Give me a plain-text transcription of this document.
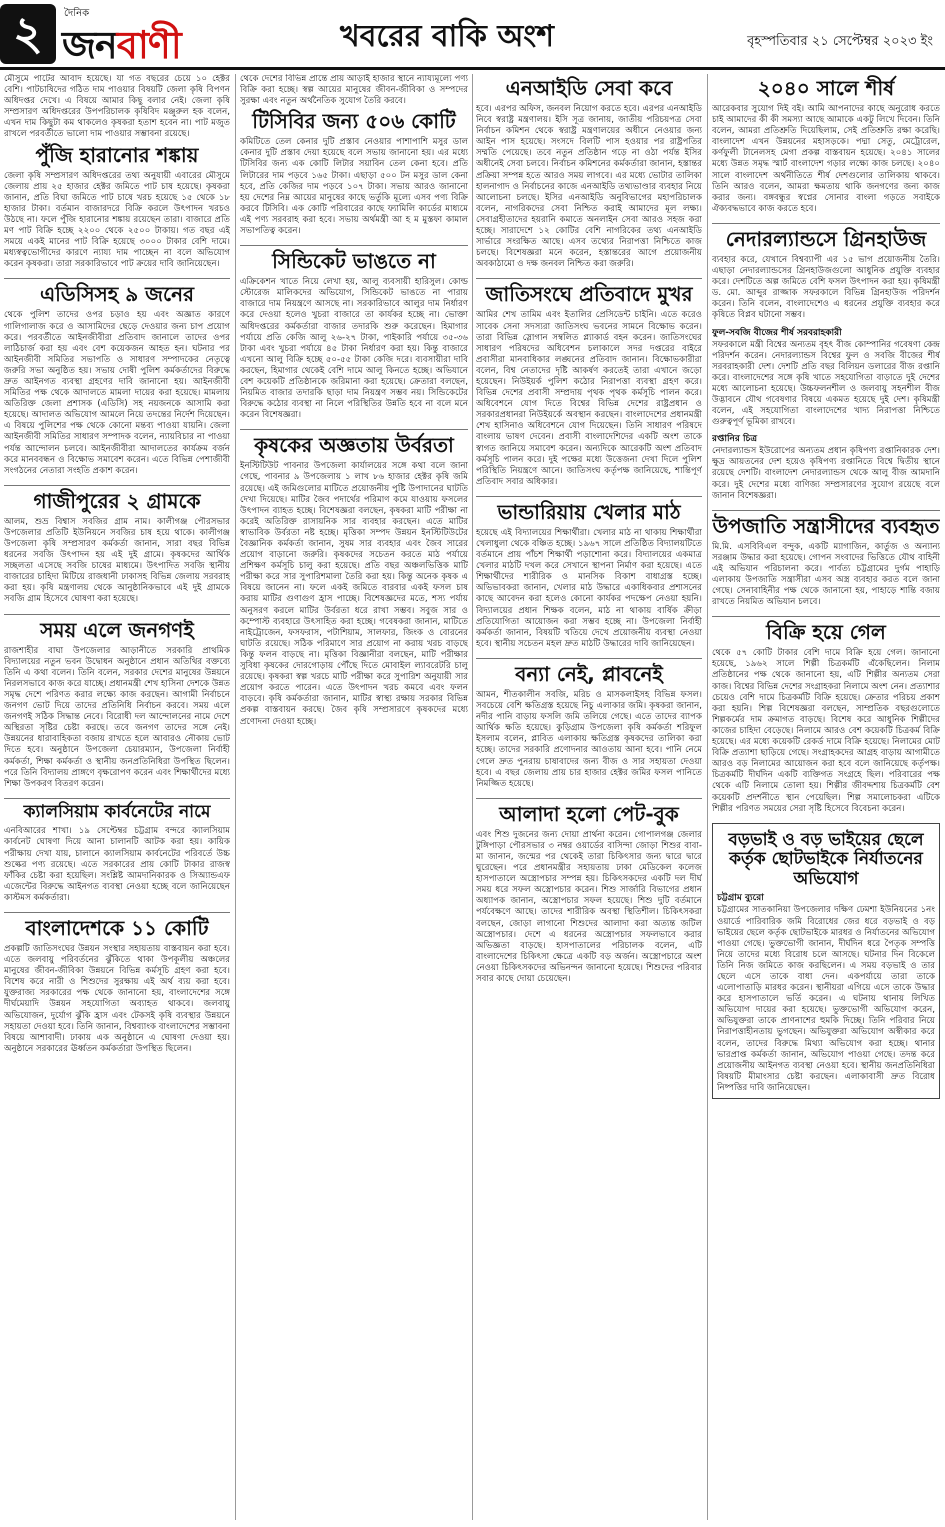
২	দৈনিক
জনবাণী	খবরের বাকি অংশ	বৃহস্পতিবার ২১ সেপ্টেম্বর ২০২৩ ইং

মৌসুমে পাটের আবাদ হয়েছে। যা গত বছরের চেয়ে ১০ হেক্টর বেশি। পাটচাষিদের গঠিত দাম পাওয়ার বিষয়টি জেলা কৃষি বিপণন অধিদপ্তর দেখে। এ বিষয়ে আমার কিছু বলার নেই। জেলা কৃষি সম্প্রসারণ অধিদপ্তরের উপপরিচালক কৃষিবিদ মঞ্জুরুল হক বলেন, এখন দাম কিছুটা কম থাকলেও কৃষকরা হতাশ হবেন না। পাট মজুত রাখলে পরবর্তীতে ভালো দাম পাওয়ার সম্ভাবনা রয়েছে।

পুঁজি হারানোর শঙ্কায়

জেলা কৃষি সম্প্রসারণ অধিদপ্তরের তথ্য অনুযায়ী এবারের মৌসুমে জেলায় প্রায় ২৫ হাজার হেক্টর জমিতে পাট চাষ হয়েছে। কৃষকরা জানান, প্রতি বিঘা জমিতে পাট চাষে খরচ হয়েছে ১৫ থেকে ১৮ হাজার টাকা। বর্তমান বাজারদরে বিক্রি করলে উৎপাদন খরচও উঠছে না। ফলে পুঁজি হারানোর শঙ্কায় রয়েছেন তারা। বাজারে প্রতি মণ পাট বিক্রি হচ্ছে ২২০০ থেকে ২৫০০ টাকায়। গত বছর এই সময়ে একই মানের পাট বিক্রি হয়েছে ৩০০০ টাকার বেশি দামে। মধ্যস্বত্বভোগীদের কারণে ন্যায্য দাম পাচ্ছেন না বলে অভিযোগ করেন কৃষকরা। তারা সরকারিভাবে পাট ক্রয়ের দাবি জানিয়েছেন।

এডিসিসহ ৯ জনের

থেকে পুলিশ তাদের ওপর চড়াও হয় এবং অজ্ঞাত কারণে গালিগালাজ করে ও আসামিদের ছেড়ে দেওয়ার জন্য চাপ প্রয়োগ করে। পরবর্তীতে আইনজীবীরা প্রতিবাদ জানালে তাদের ওপর লাঠিচার্জ করা হয় এবং বেশ কয়েকজন আহত হন। ঘটনার পর আইনজীবী সমিতির সভাপতি ও সাধারণ সম্পাদকের নেতৃত্বে জরুরি সভা অনুষ্ঠিত হয়। সভায় দোষী পুলিশ কর্মকর্তাদের বিরুদ্ধে দ্রুত আইনগত ব্যবস্থা গ্রহণের দাবি জানানো হয়। আইনজীবী সমিতির পক্ষ থেকে আদালতে মামলা দায়ের করা হয়েছে। মামলায় অতিরিক্ত জেলা প্রশাসক (এডিসি) সহ নয়জনকে আসামি করা হয়েছে। আদালত অভিযোগ আমলে নিয়ে তদন্তের নির্দেশ দিয়েছেন। এ বিষয়ে পুলিশের পক্ষ থেকে কোনো মন্তব্য পাওয়া যায়নি। জেলা আইনজীবী সমিতির সাধারণ সম্পাদক বলেন, ন্যায়বিচার না পাওয়া পর্যন্ত আন্দোলন চলবে। আইনজীবীরা আদালতের কার্যক্রম বর্জন করে মানববন্ধন ও বিক্ষোভ সমাবেশ করেন। এতে বিভিন্ন পেশাজীবী সংগঠনের নেতারা সংহতি প্রকাশ করেন।

গাজীপুরের ২ গ্রামকে

আলম, শুভ্র বিশ্বাস সবজির গ্রাম নাম। কালীগঞ্জ পৌরসভার উপজেলার প্রতিটি ইউনিয়নে সবজির চাষ হয়ে থাকে। কালীগঞ্জ উপজেলা কৃষি সম্প্রসারণ কর্মকর্তা জানান, সারা বছর বিভিন্ন ধরনের সবজি উৎপাদন হয় এই দুই গ্রামে। কৃষকদের আর্থিক সচ্ছলতা এসেছে সবজি চাষের মাধ্যমে। উৎপাদিত সবজি স্থানীয় বাজারের চাহিদা মিটিয়ে রাজধানী ঢাকাসহ বিভিন্ন জেলায় সরবরাহ করা হয়। কৃষি মন্ত্রণালয় থেকে আনুষ্ঠানিকভাবে এই দুই গ্রামকে সবজি গ্রাম হিসেবে ঘোষণা করা হয়েছে।

সময় এলে জনগণই

রাজশাহীর বাঘা উপজেলার আড়ানীতে সরকারি প্রাথমিক বিদ্যালয়ের নতুন ভবন উদ্বোধন অনুষ্ঠানে প্রধান অতিথির বক্তব্যে তিনি এ কথা বলেন। তিনি বলেন, সরকার দেশের মানুষের উন্নয়নে নিরলসভাবে কাজ করে যাচ্ছে। প্রধানমন্ত্রী শেখ হাসিনা দেশকে উন্নত সমৃদ্ধ দেশে পরিণত করার লক্ষ্যে কাজ করছেন। আগামী নির্বাচনে জনগণ ভোট দিয়ে তাদের প্রতিনিধি নির্বাচন করবে। সময় এলে জনগণই সঠিক সিদ্ধান্ত নেবে। বিরোধী দল আন্দোলনের নামে দেশে অস্থিরতা সৃষ্টির চেষ্টা করছে। তবে জনগণ তাদের সঙ্গে নেই। উন্নয়নের ধারাবাহিকতা বজায় রাখতে হলে আবারও নৌকায় ভোট দিতে হবে। অনুষ্ঠানে উপজেলা চেয়ারম্যান, উপজেলা নির্বাহী কর্মকর্তা, শিক্ষা কর্মকর্তা ও স্থানীয় জনপ্রতিনিধিরা উপস্থিত ছিলেন। পরে তিনি বিদ্যালয় প্রাঙ্গণে বৃক্ষরোপণ করেন এবং শিক্ষার্থীদের মধ্যে শিক্ষা উপকরণ বিতরণ করেন।

ক্যালসিয়াম কার্বনেটের নামে

এনবিআরের শাখা। ১৯ সেপ্টেম্বর চট্টগ্রাম বন্দরে ক্যালসিয়াম কার্বনেট ঘোষণা দিয়ে আনা চালানটি আটক করা হয়। কায়িক পরীক্ষায় দেখা যায়, চালানে ক্যালসিয়াম কার্বনেটের পরিবর্তে উচ্চ শুল্কের পণ্য রয়েছে। এতে সরকারের প্রায় কোটি টাকার রাজস্ব ফাঁকির চেষ্টা করা হয়েছিল। সংশ্লিষ্ট আমদানিকারক ও সিঅ্যান্ডএফ এজেন্টের বিরুদ্ধে আইনগত ব্যবস্থা নেওয়া হচ্ছে বলে জানিয়েছেন কাস্টমস কর্মকর্তারা।

বাংলাদেশকে ১১ কোটি

প্রকল্পটি জাতিসংঘের উন্নয়ন সংস্থার সহায়তায় বাস্তবায়ন করা হবে। এতে জলবায়ু পরিবর্তনের ঝুঁকিতে থাকা উপকূলীয় অঞ্চলের মানুষের জীবন-জীবিকা উন্নয়নে বিভিন্ন কর্মসূচি গ্রহণ করা হবে। বিশেষ করে নারী ও শিশুদের সুরক্ষায় এই অর্থ ব্যয় করা হবে। যুক্তরাজ্য সরকারের পক্ষ থেকে জানানো হয়, বাংলাদেশের সঙ্গে দীর্ঘমেয়াদি উন্নয়ন সহযোগিতা অব্যাহত থাকবে। জলবায়ু অভিযোজন, দুর্যোগ ঝুঁকি হ্রাস এবং টেকসই কৃষি ব্যবস্থার উন্নয়নে সহায়তা দেওয়া হবে। তিনি জানান, বিশ্বব্যাংক বাংলাদেশের সম্ভাবনা বিষয়ে আশাবাদী। ঢাকায় এক অনুষ্ঠানে এ ঘোষণা দেওয়া হয়। অনুষ্ঠানে সরকারের ঊর্ধ্বতন কর্মকর্তারা উপস্থিত ছিলেন।

থেকে দেশের বিভিন্ন প্রান্তে প্রায় আড়াই হাজার স্থানে ন্যায্যমূল্যে পণ্য বিক্রি করা হচ্ছে। স্বল্প আয়ের মানুষের জীবন-জীবিকা ও সম্পদের সুরক্ষা এবং নতুন অর্থনৈতিক সুযোগ তৈরি করবে।

টিসিবির জন্য ৫০৬ কোটি

কমিটিতে তেল কেনার দুটি প্রস্তাব নেওয়ার পাশাপাশি মসুর ডাল কেনার দুটি প্রস্তাব দেয়া হয়েছে বলে সভায় জানানো হয়। এর মধ্যে টিসিবির জন্য এক কোটি লিটার সয়াবিন তেল কেনা হবে। প্রতি লিটারের দাম পড়বে ১৬৫ টাকা। এছাড়া ৫০০ টন মসুর ডাল কেনা হবে, প্রতি কেজির দাম পড়বে ১০৭ টাকা। সভায় আরও জানানো হয় দেশের নিম্ন আয়ের মানুষের কাছে ভর্তুকি মূল্যে এসব পণ্য বিক্রি করবে টিসিবি। এক কোটি পরিবারের কাছে ফ্যামিলি কার্ডের মাধ্যমে এই পণ্য সরবরাহ করা হবে। সভায় অর্থমন্ত্রী আ হ ম মুস্তফা কামাল সভাপতিত্ব করেন।

সিন্ডিকেট ভাঙতে না

এক্রিকেশন খাতে নিয়ে লেখা হয়, আলু ব্যবসায়ী হারিসুল। কোল্ড স্টোরেজ মালিকদের অভিযোগ, সিন্ডিকেট ভাঙতে না পারায় বাজারে দাম নিয়ন্ত্রণে আসছে না। সরকারিভাবে আলুর দাম নির্ধারণ করে দেওয়া হলেও খুচরা বাজারে তা কার্যকর হচ্ছে না। ভোক্তা অধিদপ্তরের কর্মকর্তারা বাজার তদারকি শুরু করেছেন। হিমাগার পর্যায়ে প্রতি কেজি আলু ২৬-২৭ টাকা, পাইকারি পর্যায়ে ৩৫-৩৬ টাকা এবং খুচরা পর্যায়ে ৪৫ টাকা নির্ধারণ করা হয়। কিন্তু বাজারে এখনো আলু বিক্রি হচ্ছে ৫০-৫৫ টাকা কেজি দরে। ব্যবসায়ীরা দাবি করছেন, হিমাগার থেকেই বেশি দামে আলু কিনতে হচ্ছে। অভিযানে বেশ কয়েকটি প্রতিষ্ঠানকে জরিমানা করা হয়েছে। ক্রেতারা বলছেন, নিয়মিত বাজার তদারকি ছাড়া দাম নিয়ন্ত্রণ সম্ভব নয়। সিন্ডিকেটের বিরুদ্ধে কঠোর ব্যবস্থা না নিলে পরিস্থিতির উন্নতি হবে না বলে মনে করেন বিশেষজ্ঞরা।

কৃষকের অজ্ঞতায় উর্বরতা

ইনস্টিটিউট পাবনার উপজেলা কার্যালয়ের সঙ্গে কথা বলে জানা গেছে, পাবনার ৯ উপজেলায় ১ লাখ ৮৬ হাজার হেক্টর কৃষি জমি রয়েছে। এই জমিগুলোর মাটিতে প্রয়োজনীয় পুষ্টি উপাদানের ঘাটতি দেখা দিয়েছে। মাটির জৈব পদার্থের পরিমাণ কমে যাওয়ায় ফসলের উৎপাদন ব্যাহত হচ্ছে। বিশেষজ্ঞরা বলছেন, কৃষকরা মাটি পরীক্ষা না করেই অতিরিক্ত রাসায়নিক সার ব্যবহার করছেন। এতে মাটির স্বাভাবিক উর্বরতা নষ্ট হচ্ছে। মৃত্তিকা সম্পদ উন্নয়ন ইনস্টিটিউটের বৈজ্ঞানিক কর্মকর্তা জানান, সুষম সার ব্যবহার এবং জৈব সারের প্রয়োগ বাড়ানো জরুরি। কৃষকদের সচেতন করতে মাঠ পর্যায়ে প্রশিক্ষণ কর্মসূচি চালু করা হয়েছে। প্রতি বছর অঞ্চলভিত্তিক মাটি পরীক্ষা করে সার সুপারিশমালা তৈরি করা হয়। কিন্তু অনেক কৃষক এ বিষয়ে জানেন না। ফলে একই জমিতে বারবার একই ফসল চাষ করায় মাটির গুণাগুণ হ্রাস পাচ্ছে। বিশেষজ্ঞদের মতে, শস্য পর্যায় অনুসরণ করলে মাটির উর্বরতা ধরে রাখা সম্ভব। সবুজ সার ও কম্পোস্ট ব্যবহারে উৎসাহিত করা হচ্ছে। গবেষকরা জানান, মাটিতে নাইট্রোজেন, ফসফরাস, পটাশিয়াম, সালফার, জিংক ও বোরনের ঘাটতি রয়েছে। সঠিক পরিমাণে সার প্রয়োগ না করায় খরচ বাড়ছে কিন্তু ফলন বাড়ছে না। মৃত্তিকা বিজ্ঞানীরা বলছেন, মাটি পরীক্ষার সুবিধা কৃষকের দোরগোড়ায় পৌঁছে দিতে মোবাইল ল্যাবরেটরি চালু রয়েছে। কৃষকরা স্বল্প খরচে মাটি পরীক্ষা করে সুপারিশ অনুযায়ী সার প্রয়োগ করতে পারেন। এতে উৎপাদন খরচ কমবে এবং ফলন বাড়বে। কৃষি কর্মকর্তারা জানান, মাটির স্বাস্থ্য রক্ষায় সরকার বিভিন্ন প্রকল্প বাস্তবায়ন করছে। জৈব কৃষি সম্প্রসারণে কৃষকদের মধ্যে প্রণোদনা দেওয়া হচ্ছে।

এনআইডি সেবা কবে

হবে। এরপর অফিস, জনবল নিয়োগ করতে হবে। এরপর এনআইডি নিবে স্বরাষ্ট্র মন্ত্রণালয়। ইসি সূত্র জানায়, জাতীয় পরিচয়পত্র সেবা নির্বাচন কমিশন থেকে স্বরাষ্ট্র মন্ত্রণালয়ের অধীনে নেওয়ার জন্য আইন পাস হয়েছে। সংসদে বিলটি পাস হওয়ার পর রাষ্ট্রপতির সম্মতি পেয়েছে। তবে নতুন প্রতিষ্ঠান গড়ে না ওঠা পর্যন্ত ইসির অধীনেই সেবা চলবে। নির্বাচন কমিশনের কর্মকর্তারা জানান, হস্তান্তর প্রক্রিয়া সম্পন্ন হতে আরও সময় লাগবে। এর মধ্যে ভোটার তালিকা হালনাগাদ ও নির্বাচনের কাজে এনআইডি তথ্যভাণ্ডার ব্যবহার নিয়ে আলোচনা চলছে। ইসির এনআইডি অনুবিভাগের মহাপরিচালক বলেন, নাগরিকদের সেবা নিশ্চিত করাই আমাদের মূল লক্ষ্য। সেবাগ্রহীতাদের হয়রানি কমাতে অনলাইন সেবা আরও সহজ করা হচ্ছে। সারাদেশে ১২ কোটির বেশি নাগরিকের তথ্য এনআইডি সার্ভারে সংরক্ষিত আছে। এসব তথ্যের নিরাপত্তা নিশ্চিতে কাজ চলছে। বিশেষজ্ঞরা মনে করেন, হস্তান্তরের আগে প্রয়োজনীয় অবকাঠামো ও দক্ষ জনবল নিশ্চিত করা জরুরি।

জাতিসংঘে প্রতিবাদে মুখর

আমির শেখ তামিম এবং ইতালির প্রেসিডেন্ট চাইনি। এতে করেও সাবেক সেনা সদস্যরা জাতিসংঘ ভবনের সামনে বিক্ষোভ করেন। তারা বিভিন্ন স্লোগান সম্বলিত প্ল্যাকার্ড বহন করেন। জাতিসংঘের সাধারণ পরিষদের অধিবেশন চলাকালে সদর দপ্তরের বাইরে প্রবাসীরা মানবাধিকার লঙ্ঘনের প্রতিবাদ জানান। বিক্ষোভকারীরা বলেন, বিশ্ব নেতাদের দৃষ্টি আকর্ষণ করতেই তারা এখানে জড়ো হয়েছেন। নিউইয়র্ক পুলিশ কঠোর নিরাপত্তা ব্যবস্থা গ্রহণ করে। বিভিন্ন দেশের প্রবাসী সম্প্রদায় পৃথক পৃথক কর্মসূচি পালন করে। অধিবেশনে যোগ দিতে বিশ্বের বিভিন্ন দেশের রাষ্ট্রপ্রধান ও সরকারপ্রধানরা নিউইয়র্কে অবস্থান করছেন। বাংলাদেশের প্রধানমন্ত্রী শেখ হাসিনাও অধিবেশনে যোগ দিয়েছেন। তিনি সাধারণ পরিষদে বাংলায় ভাষণ দেবেন। প্রবাসী বাংলাদেশিদের একটি অংশ তাকে স্বাগত জানিয়ে সমাবেশ করেন। অন্যদিকে আরেকটি অংশ প্রতিবাদ কর্মসূচি পালন করে। দুই পক্ষের মধ্যে উত্তেজনা দেখা দিলে পুলিশ পরিস্থিতি নিয়ন্ত্রণে আনে। জাতিসংঘ কর্তৃপক্ষ জানিয়েছে, শান্তিপূর্ণ প্রতিবাদ সবার অধিকার।

ভান্ডারিয়ায় খেলার মাঠ

হয়েছে এই বিদ্যালয়ের শিক্ষার্থীরা। খেলার মাঠ না থাকায় শিক্ষার্থীরা খেলাধুলা থেকে বঞ্চিত হচ্ছে। ১৯৬৭ সালে প্রতিষ্ঠিত বিদ্যালয়টিতে বর্তমানে প্রায় পাঁচশ শিক্ষার্থী পড়াশোনা করে। বিদ্যালয়ের একমাত্র খেলার মাঠটি দখল করে সেখানে স্থাপনা নির্মাণ করা হয়েছে। এতে শিক্ষার্থীদের শারীরিক ও মানসিক বিকাশ বাধাগ্রস্ত হচ্ছে। অভিভাবকরা জানান, খেলার মাঠ উদ্ধারে একাধিকবার প্রশাসনের কাছে আবেদন করা হলেও কোনো কার্যকর পদক্ষেপ নেওয়া হয়নি। বিদ্যালয়ের প্রধান শিক্ষক বলেন, মাঠ না থাকায় বার্ষিক ক্রীড়া প্রতিযোগিতা আয়োজন করা সম্ভব হচ্ছে না। উপজেলা নির্বাহী কর্মকর্তা জানান, বিষয়টি খতিয়ে দেখে প্রয়োজনীয় ব্যবস্থা নেওয়া হবে। স্থানীয় সচেতন মহল দ্রুত মাঠটি উদ্ধারের দাবি জানিয়েছেন।

বন্যা নেই, প্লাবনেই

আমন, শীতকালীন সবজি, মরিচ ও মাসকলাইসহ বিভিন্ন ফসল। সবচেয়ে বেশি ক্ষতিগ্রস্ত হয়েছে নিচু এলাকার জমি। কৃষকরা জানান, নদীর পানি বাড়ায় ফসলি জমি তলিয়ে গেছে। এতে তাদের ব্যাপক আর্থিক ক্ষতি হয়েছে। কুড়িগ্রাম উপজেলা কৃষি কর্মকর্তা শরিফুল ইসলাম বলেন, প্লাবিত এলাকায় ক্ষতিগ্রস্ত কৃষকদের তালিকা করা হচ্ছে। তাদের সরকারি প্রণোদনার আওতায় আনা হবে। পানি নেমে গেলে দ্রুত পুনরায় চাষাবাদের জন্য বীজ ও সার সহায়তা দেওয়া হবে। এ বছর জেলায় প্রায় চার হাজার হেক্টর জমির ফসল পানিতে নিমজ্জিত হয়েছে।

আলাদা হলো পেট-বুক

এবং শিশু দুজনের জন্য দোয়া প্রার্থনা করেন। গোপালগঞ্জ জেলার টুঙ্গিপাড়া পৌরসভার ৩ নম্বর ওয়ার্ডের বাসিন্দা জোড়া শিশুর বাবা-মা জানান, জন্মের পর থেকেই তারা চিকিৎসার জন্য দ্বারে দ্বারে ঘুরেছেন। পরে প্রধানমন্ত্রীর সহায়তায় ঢাকা মেডিকেল কলেজ হাসপাতালে অস্ত্রোপচার সম্পন্ন হয়। চিকিৎসকদের একটি দল দীর্ঘ সময় ধরে সফল অস্ত্রোপচার করেন। শিশু সার্জারি বিভাগের প্রধান অধ্যাপক জানান, অস্ত্রোপচার সফল হয়েছে। শিশু দুটি বর্তমানে পর্যবেক্ষণে আছে। তাদের শারীরিক অবস্থা স্থিতিশীল। চিকিৎসকরা বলছেন, জোড়া লাগানো শিশুদের আলাদা করা অত্যন্ত জটিল অস্ত্রোপচার। দেশে এ ধরনের অস্ত্রোপচার সফলভাবে করার অভিজ্ঞতা বাড়ছে। হাসপাতালের পরিচালক বলেন, এটি বাংলাদেশের চিকিৎসা ক্ষেত্রে একটি বড় অর্জন। অস্ত্রোপচারে অংশ নেওয়া চিকিৎসকদের অভিনন্দন জানানো হয়েছে। শিশুদের পরিবার সবার কাছে দোয়া চেয়েছেন।

২০৪০ সালে শীর্ষ

আরেকবার সুযোগ দিই বই। আমি আপনাদের কাছে অনুরোধ করতে চাই আমাদের কী কী সমস্যা আছে আমাকে একটু লিখে দিবেন। তিনি বলেন, আমরা প্রতিশ্রুতি দিয়েছিলাম, সেই প্রতিশ্রুতি রক্ষা করেছি। বাংলাদেশ এখন উন্নয়নের মহাসড়কে। পদ্মা সেতু, মেট্রোরেল, কর্ণফুলী টানেলসহ মেগা প্রকল্প বাস্তবায়ন হয়েছে। ২০৪১ সালের মধ্যে উন্নত সমৃদ্ধ স্মার্ট বাংলাদেশ গড়ার লক্ষ্যে কাজ চলছে। ২০৪০ সালে বাংলাদেশ অর্থনীতিতে শীর্ষ দেশগুলোর তালিকায় থাকবে। তিনি আরও বলেন, আমরা ক্ষমতায় থাকি জনগণের জন্য কাজ করার জন্য। বঙ্গবন্ধুর স্বপ্নের সোনার বাংলা গড়তে সবাইকে ঐক্যবদ্ধভাবে কাজ করতে হবে।

নেদারল্যান্ডসে গ্রিনহাউজ

ব্যবহার করে, যেখানে বিশ্বব্যাপী এর ১৫ ভাগ প্রয়োজনীয় তৈরি। এছাড়া নেদারল্যান্ডসের গ্রিনহাউজগুলো আধুনিক প্রযুক্তি ব্যবহার করে। দেশটিতে অল্প জমিতে বেশি ফসল উৎপাদন করা হয়। কৃষিমন্ত্রী ড. মো. আব্দুর রাজ্জাক সফরকালে বিভিন্ন গ্রিনহাউজ পরিদর্শন করেন। তিনি বলেন, বাংলাদেশেও এ ধরনের প্রযুক্তি ব্যবহার করে কৃষিতে বিপ্লব ঘটানো সম্ভব।

ফুল-সবজি বীজের শীর্ষ সরবরাহকারী

সফরকালে মন্ত্রী বিশ্বের অন্যতম বৃহৎ বীজ কোম্পানির গবেষণা কেন্দ্র পরিদর্শন করেন। নেদারল্যান্ডস বিশ্বের ফুল ও সবজি বীজের শীর্ষ সরবরাহকারী দেশ। দেশটি প্রতি বছর বিলিয়ন ডলারের বীজ রপ্তানি করে। বাংলাদেশের সঙ্গে কৃষি খাতে সহযোগিতা বাড়াতে দুই দেশের মধ্যে আলোচনা হয়েছে। উচ্চফলনশীল ও জলবায়ু সহনশীল বীজ উদ্ভাবনে যৌথ গবেষণার বিষয়ে একমত হয়েছে দুই দেশ। কৃষিমন্ত্রী বলেন, এই সহযোগিতা বাংলাদেশের খাদ্য নিরাপত্তা নিশ্চিতে গুরুত্বপূর্ণ ভূমিকা রাখবে।

রপ্তানির চিত্র

নেদারল্যান্ডস ইউরোপের অন্যতম প্রধান কৃষিপণ্য রপ্তানিকারক দেশ। ক্ষুদ্র আয়তনের দেশ হয়েও কৃষিপণ্য রপ্তানিতে বিশ্বে দ্বিতীয় স্থানে রয়েছে দেশটি। বাংলাদেশ নেদারল্যান্ডস থেকে আলু বীজ আমদানি করে। দুই দেশের মধ্যে বাণিজ্য সম্প্রসারণের সুযোগ রয়েছে বলে জানান বিশেষজ্ঞরা।

উপজাতি সন্ত্রাসীদের ব্যবহৃত

মি.মি. এসবিবিএল বন্দুক, একটি ম্যাগাজিন, কার্তুজ ও অন্যান্য সরঞ্জাম উদ্ধার করা হয়েছে। গোপন সংবাদের ভিত্তিতে যৌথ বাহিনী এই অভিযান পরিচালনা করে। পার্বত্য চট্টগ্রামের দুর্গম পাহাড়ি এলাকায় উপজাতি সন্ত্রাসীরা এসব অস্ত্র ব্যবহার করত বলে জানা গেছে। সেনাবাহিনীর পক্ষ থেকে জানানো হয়, পাহাড়ে শান্তি বজায় রাখতে নিয়মিত অভিযান চলবে।

বিক্রি হয়ে গেল

থেকে ৫৭ কোটি টাকার বেশি দামে বিক্রি হয়ে গেল। জানানো হয়েছে, ১৯৬২ সালে শিল্পী চিত্রকর্মটি এঁকেছিলেন। নিলাম প্রতিষ্ঠানের পক্ষ থেকে জানানো হয়, এটি শিল্পীর অন্যতম সেরা কাজ। বিশ্বের বিভিন্ন দেশের সংগ্রাহকরা নিলামে অংশ নেন। প্রত্যাশার চেয়েও বেশি দামে চিত্রকর্মটি বিক্রি হয়েছে। ক্রেতার পরিচয় প্রকাশ করা হয়নি। শিল্প বিশেষজ্ঞরা বলছেন, সাম্প্রতিক বছরগুলোতে শিল্পকর্মের দাম ক্রমাগত বাড়ছে। বিশেষ করে আধুনিক শিল্পীদের কাজের চাহিদা বেড়েছে। নিলামে আরও বেশ কয়েকটি চিত্রকর্ম বিক্রি হয়েছে। এর মধ্যে কয়েকটি রেকর্ড দামে বিক্রি হয়েছে। নিলামের মোট বিক্রি প্রত্যাশা ছাড়িয়ে গেছে। সংগ্রাহকদের আগ্রহ বাড়ায় আগামীতে আরও বড় নিলামের আয়োজন করা হবে বলে জানিয়েছে কর্তৃপক্ষ। চিত্রকর্মটি দীর্ঘদিন একটি ব্যক্তিগত সংগ্রহে ছিল। পরিবারের পক্ষ থেকে এটি নিলামে তোলা হয়। শিল্পীর জীবদ্দশায় চিত্রকর্মটি বেশ কয়েকটি প্রদর্শনীতে স্থান পেয়েছিল। শিল্প সমালোচকরা এটিকে শিল্পীর পরিণত সময়ের সেরা সৃষ্টি হিসেবে বিবেচনা করেন।

বড়ভাই ও বড় ভাইয়ের ছেলে কর্তৃক ছোটভাইকে নির্যাতনের অভিযোগ

চট্টগ্রাম ব্যুরো

চট্টগ্রামের সাতকানিয়া উপজেলার দক্ষিণ ঢেমশা ইউনিয়নের ১নং ওয়ার্ডে পারিবারিক জমি বিরোধের জের ধরে বড়ভাই ও বড় ভাইয়ের ছেলে কর্তৃক ছোটভাইকে মারধর ও নির্যাতনের অভিযোগ পাওয়া গেছে। ভুক্তভোগী জানান, দীর্ঘদিন ধরে পৈতৃক সম্পত্তি নিয়ে তাদের মধ্যে বিরোধ চলে আসছে। ঘটনার দিন বিকেলে তিনি নিজ জমিতে কাজ করছিলেন। এ সময় বড়ভাই ও তার ছেলে এসে তাকে বাধা দেন। একপর্যায়ে তারা তাকে এলোপাতাড়ি মারধর করেন। স্থানীয়রা এগিয়ে এসে তাকে উদ্ধার করে হাসপাতালে ভর্তি করেন। এ ঘটনায় থানায় লিখিত অভিযোগ দায়ের করা হয়েছে। ভুক্তভোগী অভিযোগ করেন, অভিযুক্তরা তাকে প্রাণনাশের হুমকি দিচ্ছে। তিনি পরিবার নিয়ে নিরাপত্তাহীনতায় ভুগছেন। অভিযুক্তরা অভিযোগ অস্বীকার করে বলেন, তাদের বিরুদ্ধে মিথ্যা অভিযোগ করা হচ্ছে। থানার ভারপ্রাপ্ত কর্মকর্তা জানান, অভিযোগ পাওয়া গেছে। তদন্ত করে প্রয়োজনীয় আইনগত ব্যবস্থা নেওয়া হবে। স্থানীয় জনপ্রতিনিধিরা বিষয়টি মীমাংসার চেষ্টা করছেন। এলাকাবাসী দ্রুত বিরোধ নিষ্পত্তির দাবি জানিয়েছেন।
